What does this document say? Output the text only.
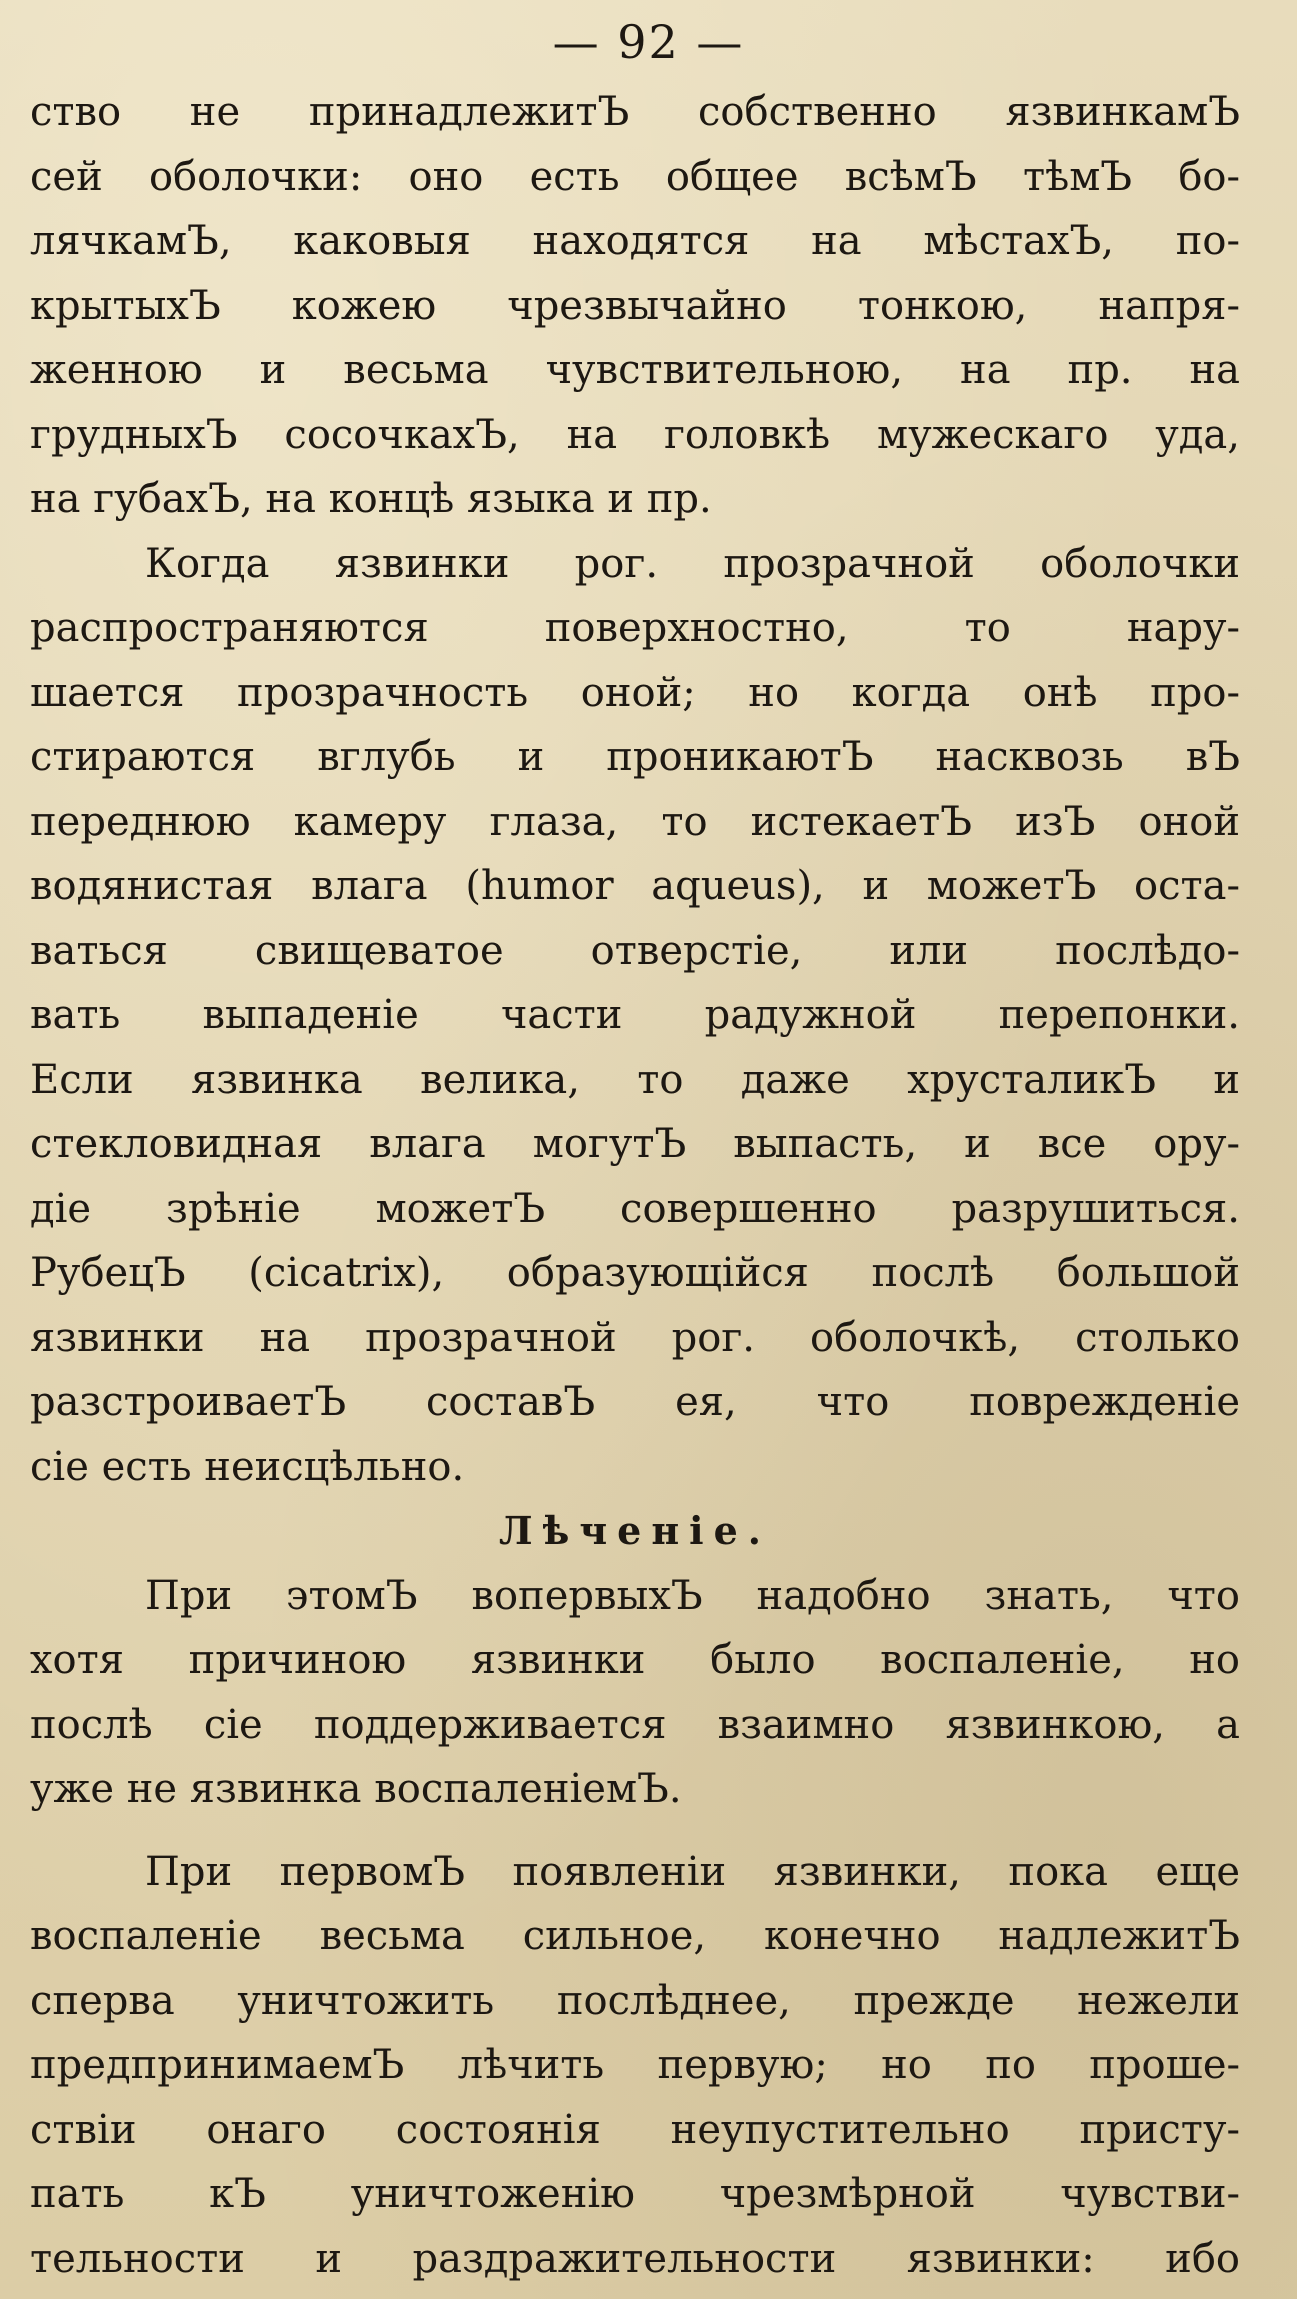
— 92 —
ство не принадлежитЪ собственно язвинкамЪ
сей оболочки: оно есть общее всѣмЪ тѣмЪ бо-
лячкамЪ, каковыя находятся на мѣстахЪ, по-
крытыхЪ кожею чрезвычайно тонкою, напря-
женною и весьма чувствительною, на пр. на
грудныхЪ сосочкахЪ, на головкѣ мужескаго уда,
на губахЪ, на концѣ языка и пр.
Когда язвинки рог. прозрачной оболочки
распространяются поверхностно, то нару-
шается прозрачность оной; но когда онѣ про-
стираются вглубь и проникаютЪ насквозь вЪ
переднюю камеру глаза, то истекаетЪ изЪ оной
водянистая влага (humor aqueus), и можетЪ оста-
ваться свищеватое отверстіе, или послѣдо-
вать выпаденіе части радужной перепонки.
Если язвинка велика, то даже хрусталикЪ и
стекловидная влага могутЪ выпасть, и все ору-
діе зрѣніе можетЪ совершенно разрушиться.
РубецЪ (cicatrix), образующійся послѣ большой
язвинки на прозрачной рог. оболочкѣ, столько
разстроиваетЪ составЪ ея, что поврежденіе
сіе есть неисцѣльно.
Лѣченіе.
При этомЪ вопервыхЪ надобно знать, что
хотя причиною язвинки было воспаленіе, но
послѣ сіе поддерживается взаимно язвинкою, а
уже не язвинка воспаленіемЪ.
При первомЪ появленіи язвинки, пока еще
воспаленіе весьма сильное, конечно надлежитЪ
сперва уничтожить послѣднее, прежде нежели
предпринимаемЪ лѣчить первую; но по проше-
ствіи онаго состоянія неупустительно присту-
пать кЪ уничтоженію чрезмѣрной чувстви-
тельности и раздражительности язвинки: ибо
